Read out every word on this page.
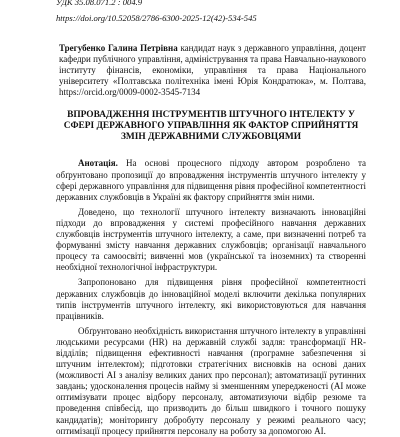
УДК 35.08.071.2 : 004.9
https://doi.org/10.52058/2786-6300-2025-12(42)-534-545
Трегубенко Галина Петрівна кандидат наук з державного управління, доцент кафедри публічного управління, адміністрування та права Навчально-наукового інституту фінансів, економіки, управління та права Національного університету «Полтавська політехніка імені Юрія Кондратюка», м. Полтава, https://orcid.org/0009-0002-3545-7134
ВПРОВАДЖЕННЯ ІНСТРУМЕНТІВ ШТУЧНОГО ІНТЕЛЕКТУ У СФЕРІ ДЕРЖАВНОГО УПРАВЛІННЯ ЯК ФАКТОР СПРИЙНЯТТЯ ЗМІН ДЕРЖАВНИМИ СЛУЖБОВЦЯМИ

Анотація. На основі процесного підходу автором розроблено та обґрунтовано пропозиції до впровадження інструментів штучного інтелекту у сфері державного управління для підвищення рівня професійної компетентності державних службовців в Україні як фактору сприйняття змін ними.

Доведено, що технології штучного інтелекту визначають інноваційні підходи до впровадження у системі професійного навчання державних службовців інструментів штучного інтелекту, а саме, при визначенні потреб та формуванні змісту навчання державних службовців; організації навчального процесу та самоосвіті; вивченні мов (української та іноземних) та створенні необхідної технологічної інфраструктури.

Запропоновано для підвищення рівня професійної компетентності державних службовців до інноваційної моделі включити декілька популярних типів інструментів штучного інтелекту, які використовуються для навчання працівників.

Обґрунтовано необхідність використання штучного інтелекту в управлінні людськими ресурсами (HR) на державній службі задля: трансформації HR-відділів; підвищення ефективності навчання (програмне забезпечення зі штучним інтелектом); підготовки стратегічних висновків на основі даних (можливості AI з аналізу великих даних про персонал); автоматизації рутинних завдань; удосконалення процесів найму зі зменшенням упередженості (AI може оптимізувати процес відбору персоналу, автоматизуючи відбір резюме та проведення співбесід, що призводить до більш швидкого і точного пошуку кандидатів); моніторингу добробуту персоналу у режимі реального часу; оптимізації процесу прийняття персоналу на роботу за допомогою AI.
